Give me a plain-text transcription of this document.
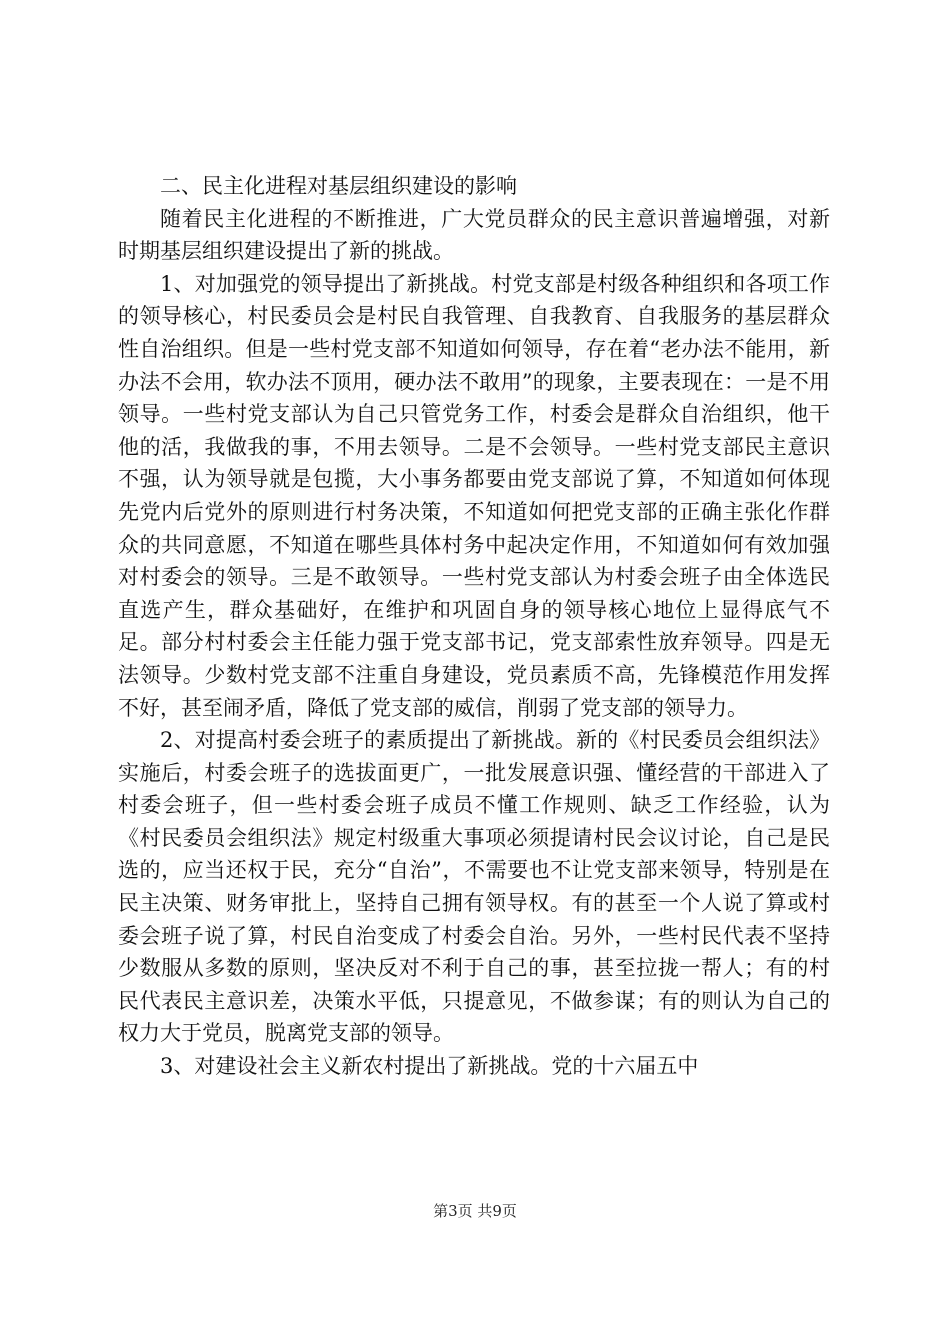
二、民主化进程对基层组织建设的影响

随着民主化进程的不断推进，广大党员群众的民主意识普遍增强，对新时期基层组织建设提出了新的挑战。

1、对加强党的领导提出了新挑战。村党支部是村级各种组织和各项工作的领导核心，村民委员会是村民自我管理、自我教育、自我服务的基层群众性自治组织。但是一些村党支部不知道如何领导，存在着“老办法不能用，新办法不会用，软办法不顶用，硬办法不敢用”的现象，主要表现在：一是不用领导。一些村党支部认为自己只管党务工作，村委会是群众自治组织，他干他的活，我做我的事，不用去领导。二是不会领导。一些村党支部民主意识不强，认为领导就是包揽，大小事务都要由党支部说了算，不知道如何体现先党内后党外的原则进行村务决策，不知道如何把党支部的正确主张化作群众的共同意愿，不知道在哪些具体村务中起决定作用，不知道如何有效加强对村委会的领导。三是不敢领导。一些村党支部认为村委会班子由全体选民直选产生，群众基础好，在维护和巩固自身的领导核心地位上显得底气不足。部分村村委会主任能力强于党支部书记，党支部索性放弃领导。四是无法领导。少数村党支部不注重自身建设，党员素质不高，先锋模范作用发挥不好，甚至闹矛盾，降低了党支部的威信，削弱了党支部的领导力。

2、对提高村委会班子的素质提出了新挑战。新的《村民委员会组织法》实施后，村委会班子的选拔面更广，一批发展意识强、懂经营的干部进入了村委会班子，但一些村委会班子成员不懂工作规则、缺乏工作经验，认为《村民委员会组织法》规定村级重大事项必须提请村民会议讨论，自己是民选的，应当还权于民，充分“自治”，不需要也不让党支部来领导，特别是在民主决策、财务审批上，坚持自己拥有领导权。有的甚至一个人说了算或村委会班子说了算，村民自治变成了村委会自治。另外，一些村民代表不坚持少数服从多数的原则，坚决反对不利于自己的事，甚至拉拢一帮人；有的村民代表民主意识差，决策水平低，只提意见，不做参谋；有的则认为自己的权力大于党员，脱离党支部的领导。

3、对建设社会主义新农村提出了新挑战。党的十六届五中

第3页 共9页
